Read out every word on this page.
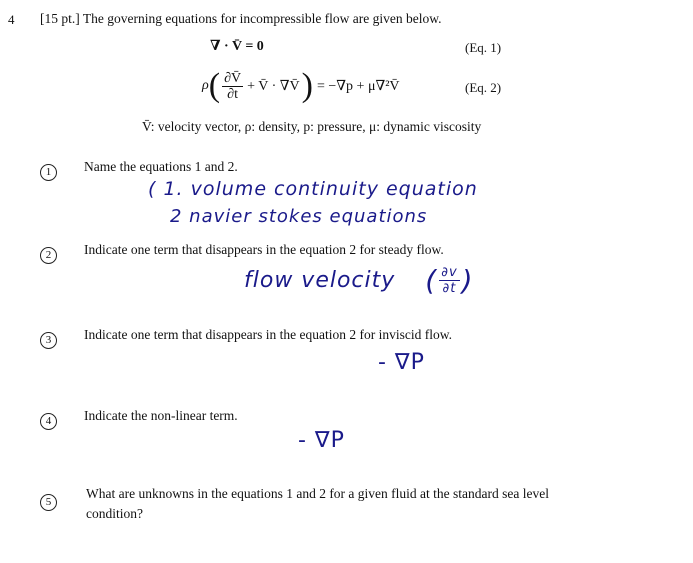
4 [15 pt.] The governing equations for incompressible flow are given below.
∇ · V̄ = 0	(Eq. 1)
ρ ( $\frac{\partial V̄}{\partial t}$ + V̄ · ∇V̄ ) = −∇p + μ∇²V̄	(Eq. 2)
V̄: velocity vector, ρ: density, p: pressure, μ: dynamic viscosity
1	Name the equations 1 and 2.
( 1. volume continuity equation
2 navier stokes equations
2	Indicate one term that disappears in the equation 2 for steady flow.
flow velocity ( $\frac{\partial v}{\partial t}$ )
3	Indicate one term that disappears in the equation 2 for inviscid flow.
- ∇P
4	Indicate the non-linear term.
- ∇P
5
What are unknowns in the equations 1 and 2 for a given fluid at the standard sea level
condition?
